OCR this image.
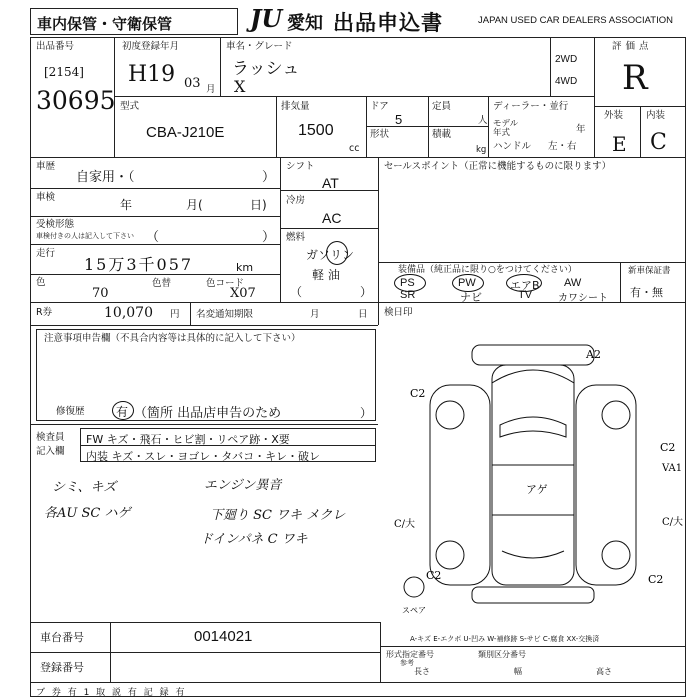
車内保管・守衛保管	JU 愛知 出品申込書	JAPAN USED CAR DEALERS ASSOCIATION
出品番号
[2154]
30695
初度登録年月
H19 03 月
車名・グレード
ラッシュ
X
2WD
4WD
評価点
R
外装 内装
E C
型式
CBA-J210E
排気量
1500
cc
ドア
5
定員
人
形状	積載
kg
ディーラー・並行
モデル 年式	年
ハンドル 左・右
車歴
自家用・（	）
車検
年	月(	日)
受検形態
車検付きの人は記入して下さい （	）
走行
15万3千057	km
色
70
色替	色コード
X07
シフト
AT
冷房
AC
燃料
ガソリン
軽 油
（	）
セールスポイント（正常に機能するものに限ります）
装備品（純正品に限り○をつけてください）
PS	PW	エアB AW
SR	ナビ	TV	カワシート
新車保証書
有・無
R券	10,070 円 名変通知期限	月	日 検日印
注意事項申告欄（不具合内容等は具体的に記入して下さい）
修復歴	有 （箇所 出品店申告のため	）
検査員
記入欄
FW キズ・飛石・ヒビ割・リペア跡・X要
内装 キズ・スレ・ヨゴレ・タバコ・キレ・破レ
シミ、キズ
各AU SC ハゲ
エンジン異音
下廻り SC ワキ メクレ
ドインパネ C ワキ
A2
C2
C2
VA1
C/大	C/大
アゲ
C2	C2
スペア
A-キズ E-エクボ U-凹み W-補修跡 S-サビ C-腐食 XX-交換済
車台番号	0014021
登録番号
形式指定番号	類別区分番号
参考
長さ	幅	高さ
ブ 券 有 1 取 説 有 記 録 有
